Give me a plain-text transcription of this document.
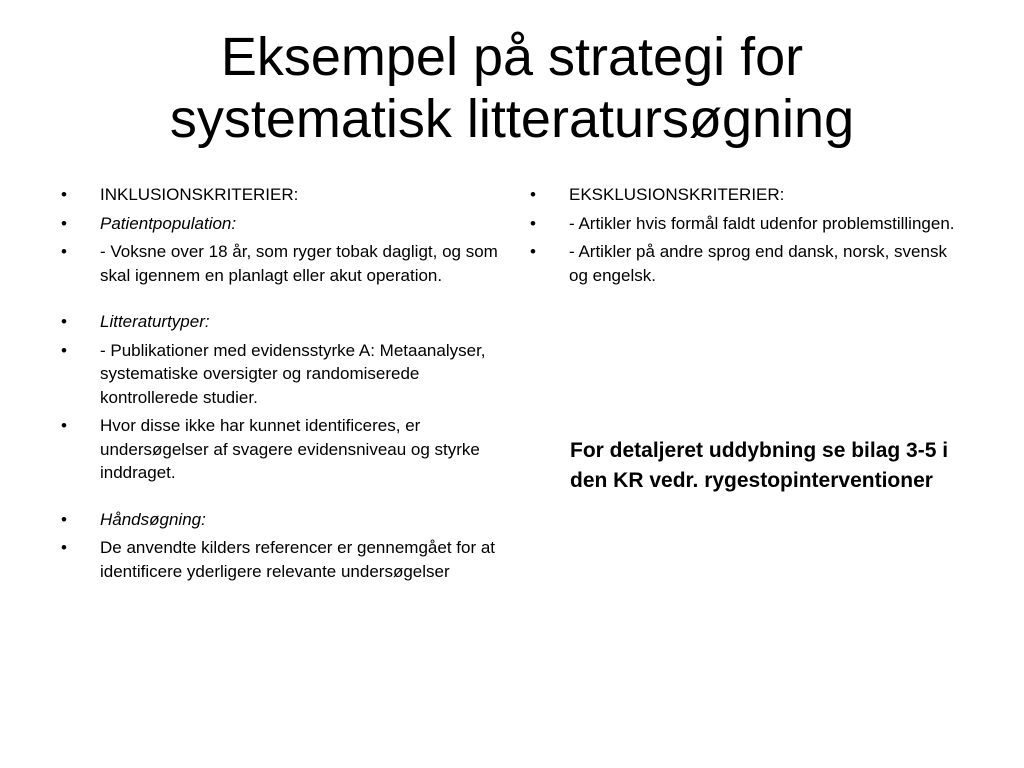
Eksempel på strategi for
systematisk litteratursøgning
• INKLUSIONSKRITERIER:
• Patientpopulation:
• - Voksne over 18 år, som ryger tobak dagligt, og som skal igennem en planlagt eller akut operation.
• Litteraturtyper:
• - Publikationer med evidensstyrke A: Metaanalyser, systematiske oversigter og randomiserede kontrollerede studier.
• Hvor disse ikke har kunnet identificeres, er undersøgelser af svagere evidensniveau og styrke inddraget.
• Håndsøgning:
• De anvendte kilders referencer er gennemgået for at identificere yderligere relevante undersøgelser
• EKSKLUSIONSKRITERIER:
• - Artikler hvis formål faldt udenfor problemstillingen.
• - Artikler på andre sprog end dansk, norsk, svensk og engelsk.

For detaljeret uddybning se bilag 3-5 i den KR vedr. rygestopinterventioner
